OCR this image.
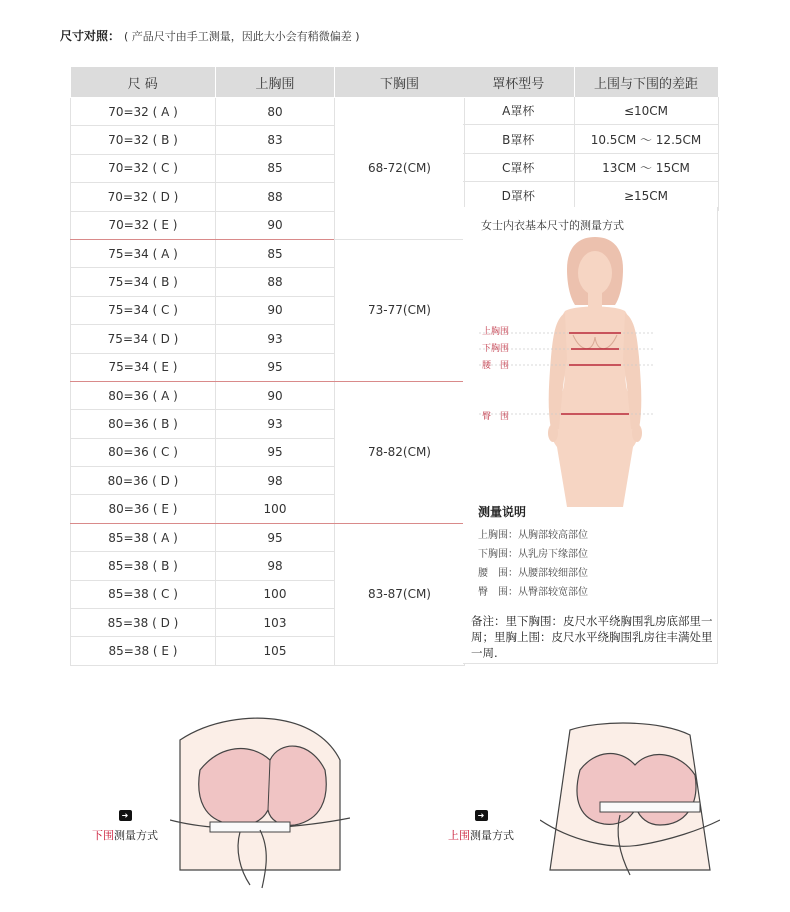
尺寸对照： ( 产品尺寸由手工测量，因此大小会有稍微偏差 )
尺 码	上胸围	下胸围
70=32 ( A )	80	68-72(CM)
70=32 ( B )	83	
70=32 ( C )	85	
70=32 ( D )	88	
70=32 ( E )	90	
75=34 ( A )	85	73-77(CM)
75=34 ( B )	88	
75=34 ( C )	90	
75=34 ( D )	93	
75=34 ( E )	95	
80=36 ( A )	90	78-82(CM)
80=36 ( B )	93	
80=36 ( C )	95	
80=36 ( D )	98	
80=36 ( E )	100	
85=38 ( A )	95	83-87(CM)
85=38 ( B )	98	
85=38 ( C )	100	
85=38 ( D )	103	
85=38 ( E )	105	
罩杯型号	上围与下围的差距
A罩杯	≤10CM
B罩杯	10.5CM ～ 12.5CM
C罩杯	13CM ～ 15CM
D罩杯	≥15CM
女士内衣基本尺寸的测量方式
上胸围
下胸围
腰　围
臀　围
测量说明
上胸围：从胸部较高部位
下胸围：从乳房下缘部位
腰　围：从腰部较细部位
臀　围：从臀部较宽部位
备注：里下胸围：皮尺水平绕胸围乳房底部里一周；里胸上围：皮尺水平绕胸围乳房往丰满处里一周.
➜
下围测量方式
➜
上围测量方式
